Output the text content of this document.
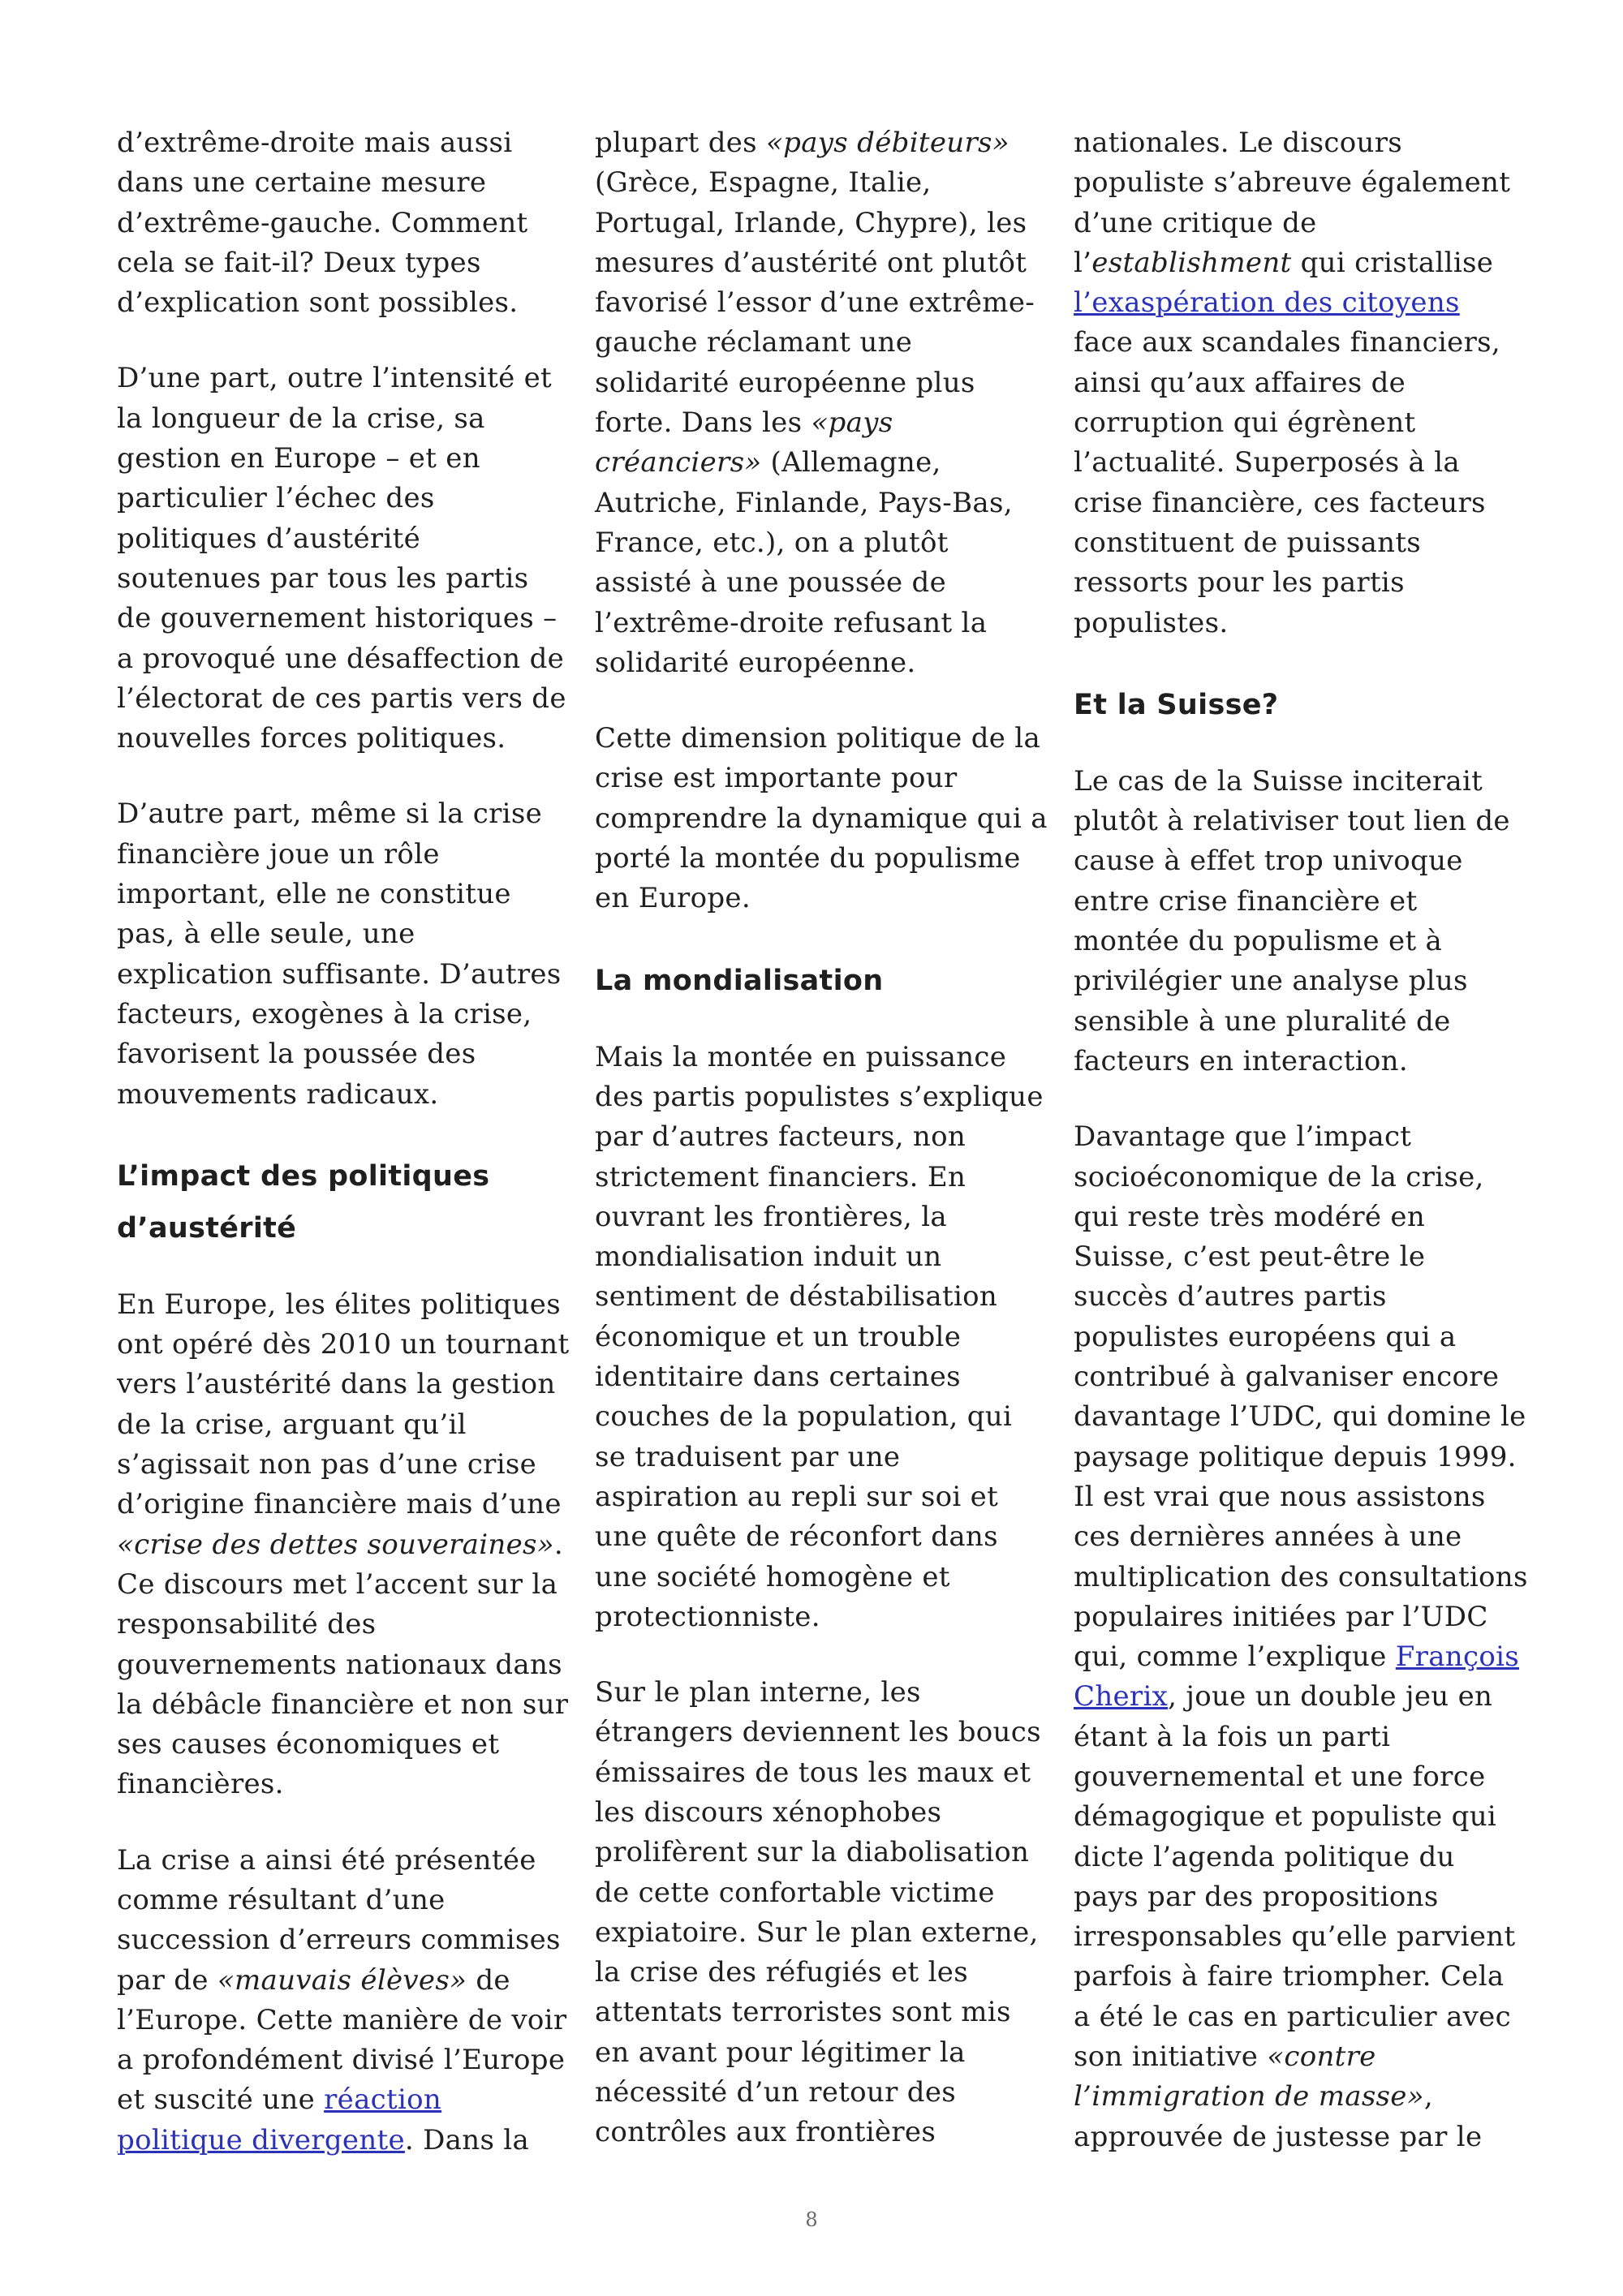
d’extrême-droite mais aussi dans une certaine mesure d’extrême-gauche. Comment cela se fait-il? Deux types d’explication sont possibles.

D’une part, outre l’intensité et la longueur de la crise, sa gestion en Europe – et en particulier l’échec des politiques d’austérité soutenues par tous les partis de gouvernement historiques – a provoqué une désaffection de l’électorat de ces partis vers de nouvelles forces politiques.

D’autre part, même si la crise financière joue un rôle important, elle ne constitue pas, à elle seule, une explication suffisante. D’autres facteurs, exogènes à la crise, favorisent la poussée des mouvements radicaux.

L’impact des politiques d’austérité

En Europe, les élites politiques ont opéré dès 2010 un tournant vers l’austérité dans la gestion de la crise, arguant qu’il s’agissait non pas d’une crise d’origine financière mais d’une «crise des dettes souveraines». Ce discours met l’accent sur la responsabilité des gouvernements nationaux dans la débâcle financière et non sur ses causes économiques et financières.

La crise a ainsi été présentée comme résultant d’une succession d’erreurs commises par de «mauvais élèves» de l’Europe. Cette manière de voir a profondément divisé l’Europe et suscité une réaction politique divergente. Dans la

plupart des «pays débiteurs» (Grèce, Espagne, Italie, Portugal, Irlande, Chypre), les mesures d’austérité ont plutôt favorisé l’essor d’une extrême-gauche réclamant une solidarité européenne plus forte. Dans les «pays créanciers» (Allemagne, Autriche, Finlande, Pays-Bas, France, etc.), on a plutôt assisté à une poussée de l’extrême-droite refusant la solidarité européenne.

Cette dimension politique de la crise est importante pour comprendre la dynamique qui a porté la montée du populisme en Europe.

La mondialisation

Mais la montée en puissance des partis populistes s’explique par d’autres facteurs, non strictement financiers. En ouvrant les frontières, la mondialisation induit un sentiment de déstabilisation économique et un trouble identitaire dans certaines couches de la population, qui se traduisent par une aspiration au repli sur soi et une quête de réconfort dans une société homogène et protectionniste.

Sur le plan interne, les étrangers deviennent les boucs émissaires de tous les maux et les discours xénophobes prolifèrent sur la diabolisation de cette confortable victime expiatoire. Sur le plan externe, la crise des réfugiés et les attentats terroristes sont mis en avant pour légitimer la nécessité d’un retour des contrôles aux frontières

nationales. Le discours populiste s’abreuve également d’une critique de l’establishment qui cristallise l’exaspération des citoyens face aux scandales financiers, ainsi qu’aux affaires de corruption qui égrènent l’actualité. Superposés à la crise financière, ces facteurs constituent de puissants ressorts pour les partis populistes.

Et la Suisse?

Le cas de la Suisse inciterait plutôt à relativiser tout lien de cause à effet trop univoque entre crise financière et montée du populisme et à privilégier une analyse plus sensible à une pluralité de facteurs en interaction.

Davantage que l’impact socioéconomique de la crise, qui reste très modéré en Suisse, c’est peut-être le succès d’autres partis populistes européens qui a contribué à galvaniser encore davantage l’UDC, qui domine le paysage politique depuis 1999. Il est vrai que nous assistons ces dernières années à une multiplication des consultations populaires initiées par l’UDC qui, comme l’explique François Cherix, joue un double jeu en étant à la fois un parti gouvernemental et une force démagogique et populiste qui dicte l’agenda politique du pays par des propositions irresponsables qu’elle parvient parfois à faire triompher. Cela a été le cas en particulier avec son initiative «contre l’immigration de masse», approuvée de justesse par le

8
